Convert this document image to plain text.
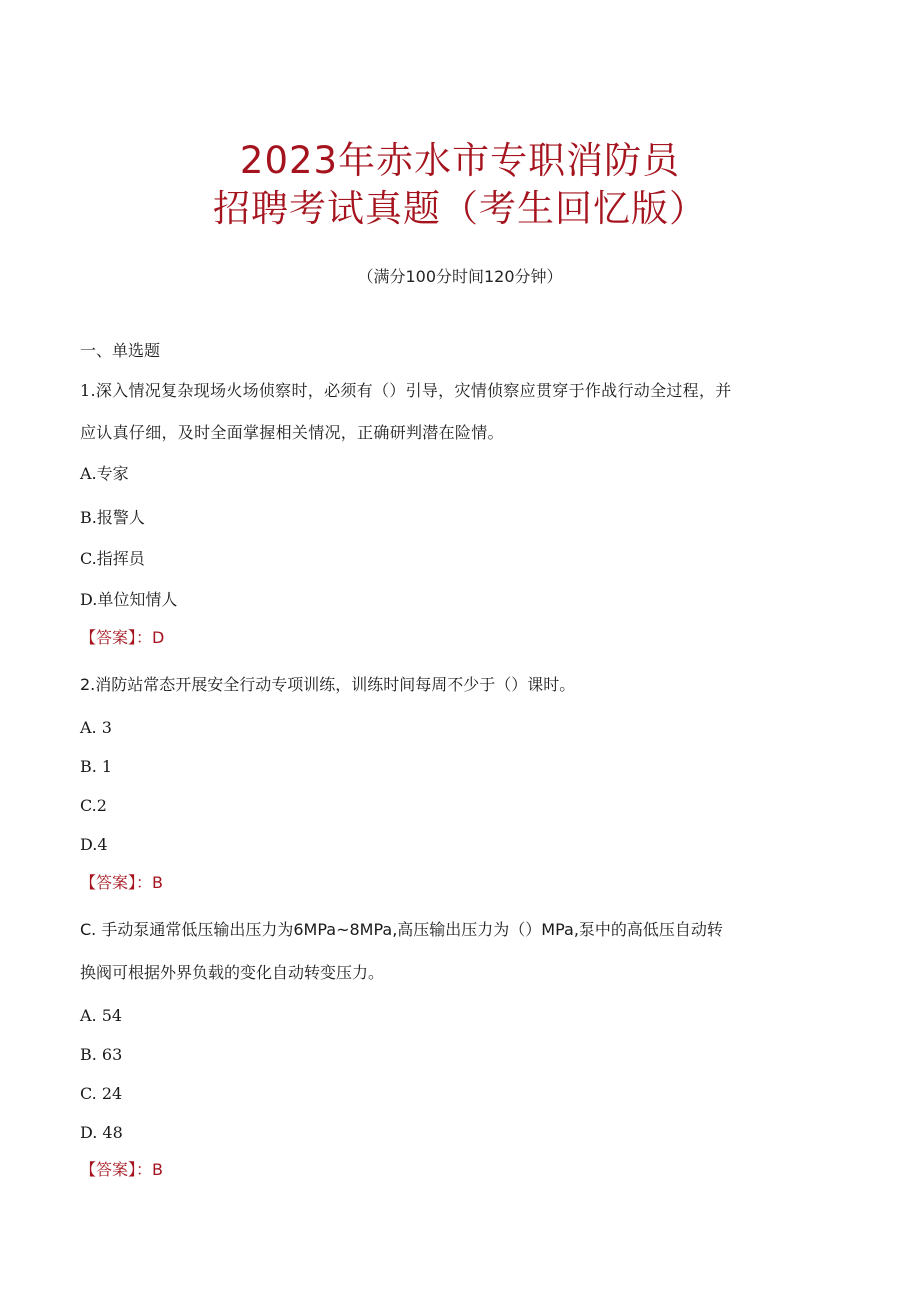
2023年赤水市专职消防员
招聘考试真题（考生回忆版）
（满分100分时间120分钟）
一、单选题
1.深入情况复杂现场火场侦察时，必须有（）引导，灾情侦察应贯穿于作战行动全过程，并
应认真仔细，及时全面掌握相关情况，正确研判潜在险情。
A.专家
B.报警人
C.指挥员
D.单位知情人
【答案】：D
2.消防站常态开展安全行动专项训练，训练时间每周不少于（）课时。
A. 3
B. 1
C.2
D.4
【答案】：B
C. 手动泵通常低压输出压力为6MPa~8MPa,高压输出压力为（）MPa,泵中的高低压自动转
换阀可根据外界负载的变化自动转变压力。
A. 54
B. 63
C. 24
D. 48
【答案】：B
